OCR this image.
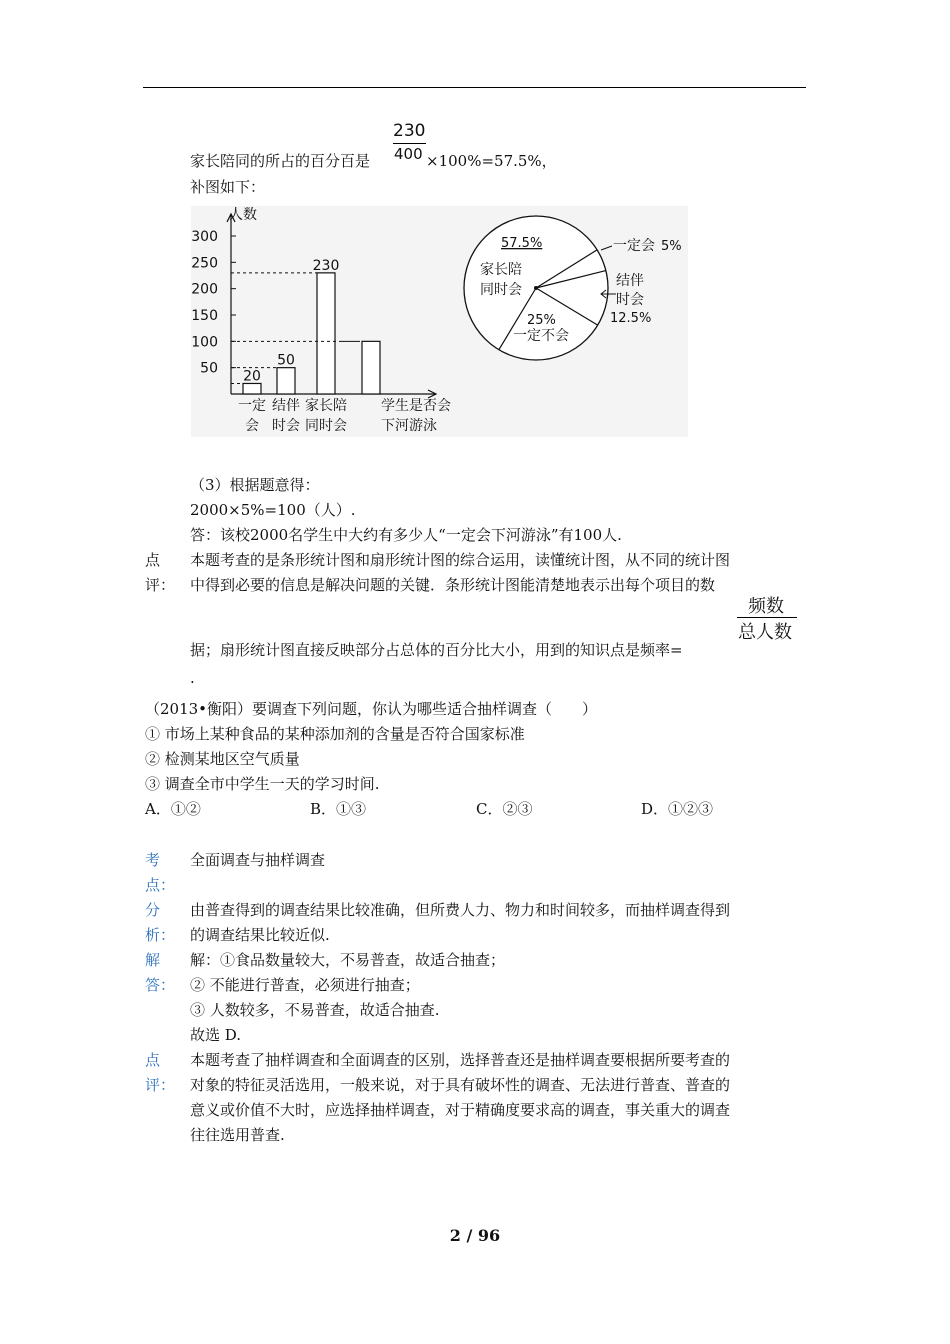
230
400
家长陪同的所占的百分百是	×100%=57.5%，
补图如下：
人数
50
100
150
200
250
300
20
一定
会
50
结伴
时会
230
家长陪
同时会
学生是否会
下河游泳
57.5%
家长陪
同时会
一定会 5%
结伴
时会
12.5%
25%
一定不会
（3）根据题意得：
2000×5%=100（人）.
答：该校2000名学生中大约有多少人“一定会下河游泳”有100人.
点
评：
本题考查的是条形统计图和扇形统计图的综合运用，读懂统计图，从不同的统计图
中得到必要的信息是解决问题的关键．条形统计图能清楚地表示出每个项目的数
频数
总人数
据；扇形统计图直接反映部分占总体的百分比大小，用到的知识点是频率=
.
（2013•衡阳）要调查下列问题，你认为哪些适合抽样调查（　　）
① 市场上某种食品的某种添加剂的含量是否符合国家标准
② 检测某地区空气质量
③ 调查全市中学生一天的学习时间.
A．①②	B．①③	C．②③	D．①②③
考
点：
全面调查与抽样调查
分
析：
由普查得到的调查结果比较准确，但所费人力、物力和时间较多，而抽样调查得到
的调查结果比较近似.
解
答：
解：①食品数量较大，不易普查，故适合抽查；
② 不能进行普查，必须进行抽查；
③ 人数较多，不易普查，故适合抽查.
故选 D.
点
评：
本题考查了抽样调查和全面调查的区别，选择普查还是抽样调查要根据所要考查的
对象的特征灵活选用，一般来说，对于具有破坏性的调查、无法进行普查、普查的
意义或价值不大时，应选择抽样调查，对于精确度要求高的调查，事关重大的调查
往往选用普查.
2 / 96
